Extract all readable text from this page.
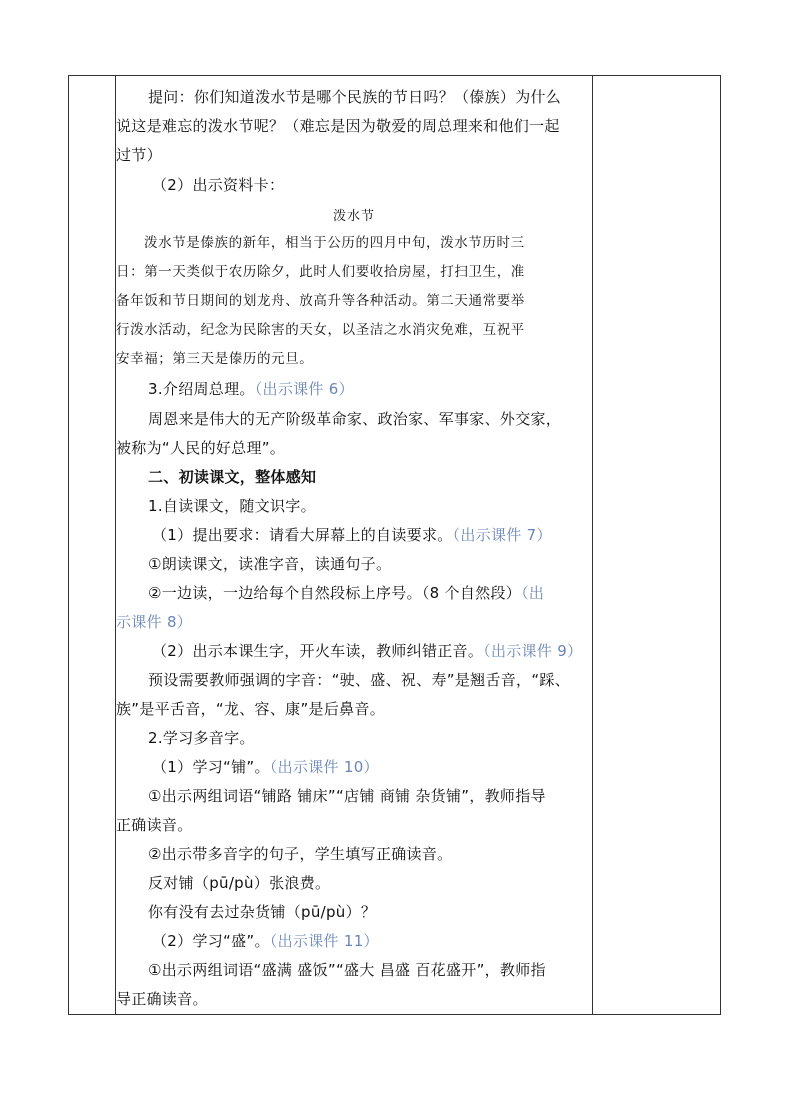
提问：你们知道泼水节是哪个民族的节日吗？（傣族）为什么
说这是难忘的泼水节呢？（难忘是因为敬爱的周总理来和他们一起
过节）
（2）出示资料卡：
泼水节
泼水节是傣族的新年，相当于公历的四月中旬，泼水节历时三
日：第一天类似于农历除夕，此时人们要收拾房屋，打扫卫生，准
备年饭和节日期间的划龙舟、放高升等各种活动。第二天通常要举
行泼水活动，纪念为民除害的天女，以圣洁之水消灾免难，互祝平
安幸福；第三天是傣历的元旦。
3.介绍周总理。（出示课件 6）
周恩来是伟大的无产阶级革命家、政治家、军事家、外交家，
被称为“人民的好总理”。
二、初读课文，整体感知
1.自读课文，随文识字。
（1）提出要求：请看大屏幕上的自读要求。（出示课件 7）
①朗读课文，读准字音，读通句子。
②一边读，一边给每个自然段标上序号。（8 个自然段）（出
示课件 8）
（2）出示本课生字，开火车读，教师纠错正音。（出示课件 9）
预设需要教师强调的字音：“驶、盛、祝、寿”是翘舌音，“踩、
族”是平舌音，“龙、容、康”是后鼻音。
2.学习多音字。
（1）学习“铺”。（出示课件 10）
①出示两组词语“铺路 铺床”“店铺 商铺 杂货铺”，教师指导
正确读音。
②出示带多音字的句子，学生填写正确读音。
反对铺（pū/pù）张浪费。
你有没有去过杂货铺（pū/pù）？
（2）学习“盛”。（出示课件 11）
①出示两组词语“盛满 盛饭”“盛大 昌盛 百花盛开”，教师指
导正确读音。
